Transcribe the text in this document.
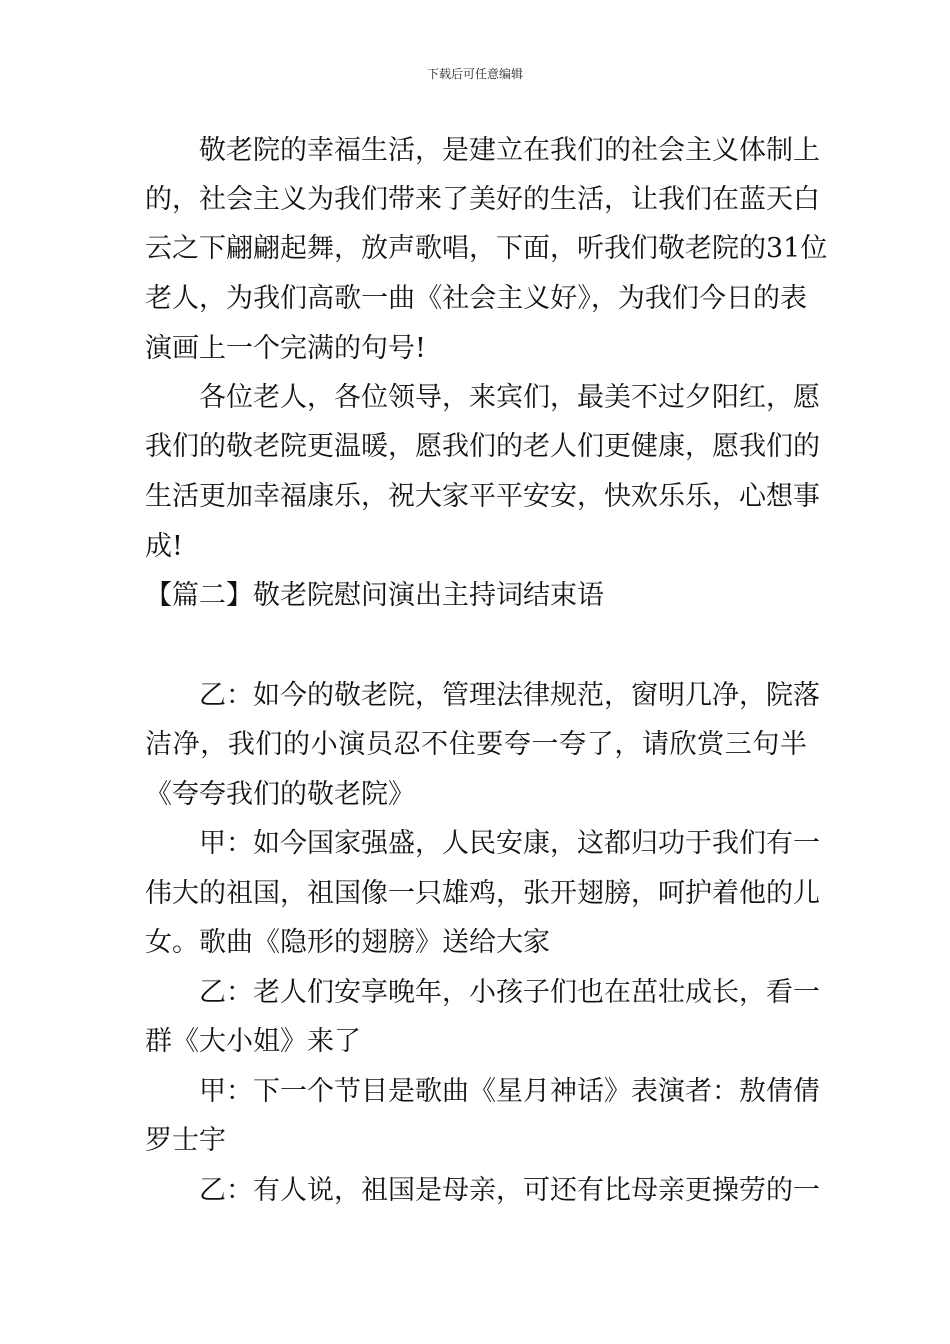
下载后可任意编辑
敬老院的幸福生活，是建立在我们的社会主义体制上
的，社会主义为我们带来了美好的生活，让我们在蓝天白
云之下翩翩起舞，放声歌唱，下面，听我们敬老院的31位
老人，为我们高歌一曲《社会主义好》，为我们今日的表
演画上一个完满的句号!
各位老人，各位领导，来宾们，最美不过夕阳红，愿
我们的敬老院更温暖，愿我们的老人们更健康，愿我们的
生活更加幸福康乐，祝大家平平安安，快欢乐乐，心想事
成!
【篇二】敬老院慰问演出主持词结束语
乙：如今的敬老院，管理法律规范，窗明几净，院落
洁净，我们的小演员忍不住要夸一夸了，请欣赏三句半
《夸夸我们的敬老院》
甲：如今国家强盛，人民安康，这都归功于我们有一
伟大的祖国，祖国像一只雄鸡，张开翅膀，呵护着他的儿
女。歌曲《隐形的翅膀》送给大家
乙：老人们安享晚年，小孩子们也在茁壮成长，看一
群《大小姐》来了
甲：下一个节目是歌曲《星月神话》表演者：敖倩倩
罗士宇
乙：有人说，祖国是母亲，可还有比母亲更操劳的一
